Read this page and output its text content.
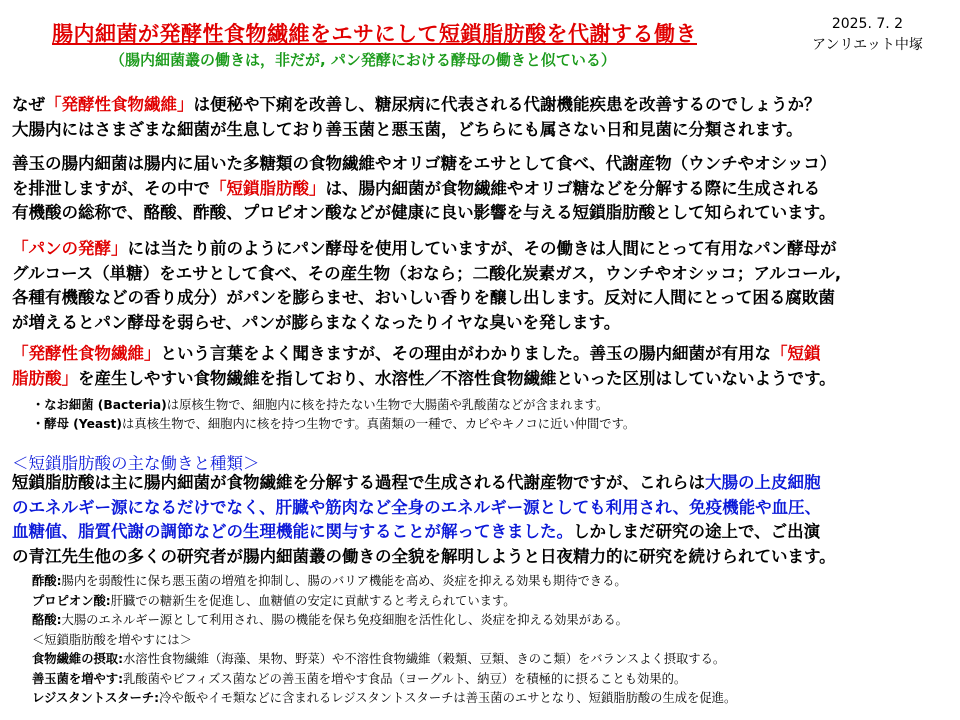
腸内細菌が発酵性食物繊維をエサにして短鎖脂肪酸を代謝する働き
（腸内細菌叢の働きは，非だが, パン発酵における酵母の働きと似ている）
2025. 7. 2
アンリエット中塚
なぜ「発酵性食物繊維」は便秘や下痢を改善し、糖尿病に代表される代謝機能疾患を改善するのでしょうか？
大腸内にはさまざまな細菌が生息しており善玉菌と悪玉菌，どちらにも属さない日和見菌に分類されます。
善玉の腸内細菌は腸内に届いた多糖類の食物繊維やオリゴ糖をエサとして食べ、代謝産物（ウンチやオシッコ）
を排泄しますが、その中で「短鎖脂肪酸」は、腸内細菌が食物繊維やオリゴ糖などを分解する際に生成される
有機酸の総称で、酪酸、酢酸、プロピオン酸などが健康に良い影響を与える短鎖脂肪酸として知られています。
「パンの発酵」には当たり前のようにパン酵母を使用していますが、その働きは人間にとって有用なパン酵母が
グルコース（単糖）をエサとして食べ、その産生物（おなら；二酸化炭素ガス，ウンチやオシッコ；アルコール,
各種有機酸などの香り成分）がパンを膨らませ、おいしい香りを醸し出します。反対に人間にとって困る腐敗菌
が増えるとパン酵母を弱らせ、パンが膨らまなくなったりイヤな臭いを発します。
「発酵性食物繊維」という言葉をよく聞きますが、その理由がわかりました。善玉の腸内細菌が有用な「短鎖
脂肪酸」を産生しやすい食物繊維を指しており、水溶性／不溶性食物繊維といった区別はしていないようです。
・なお細菌 (Bacteria)は原核生物で、細胞内に核を持たない生物で大腸菌や乳酸菌などが含まれます。
・酵母 (Yeast)は真核生物で、細胞内に核を持つ生物です。真菌類の一種で、カビやキノコに近い仲間です。
＜短鎖脂肪酸の主な働きと種類＞
短鎖脂肪酸は主に腸内細菌が食物繊維を分解する過程で生成される代謝産物ですが、これらは大腸の上皮細胞
のエネルギー源になるだけでなく、肝臓や筋肉など全身のエネルギー源としても利用され、免疫機能や血圧、
血糖値、脂質代謝の調節などの生理機能に関与することが解ってきました。しかしまだ研究の途上で、ご出演
の青江先生他の多くの研究者が腸内細菌叢の働きの全貌を解明しようと日夜精力的に研究を続けられています。
酢酸:腸内を弱酸性に保ち悪玉菌の増殖を抑制し、腸のバリア機能を高め、炎症を抑える効果も期待できる。
プロピオン酸:肝臓での糖新生を促進し、血糖値の安定に貢献すると考えられています。
酪酸:大腸のエネルギー源として利用され、腸の機能を保ち免疫細胞を活性化し、炎症を抑える効果がある。
＜短鎖脂肪酸を増やすには＞
食物繊維の摂取:水溶性食物繊維（海藻、果物、野菜）や不溶性食物繊維（穀類、豆類、きのこ類）をバランスよく摂取する。
善玉菌を増やす:乳酸菌やビフィズス菌などの善玉菌を増やす食品（ヨーグルト、納豆）を積極的に摂ることも効果的。
レジスタントスターチ:冷や飯やイモ類などに含まれるレジスタントスターチは善玉菌のエサとなり、短鎖脂肪酸の生成を促進。
